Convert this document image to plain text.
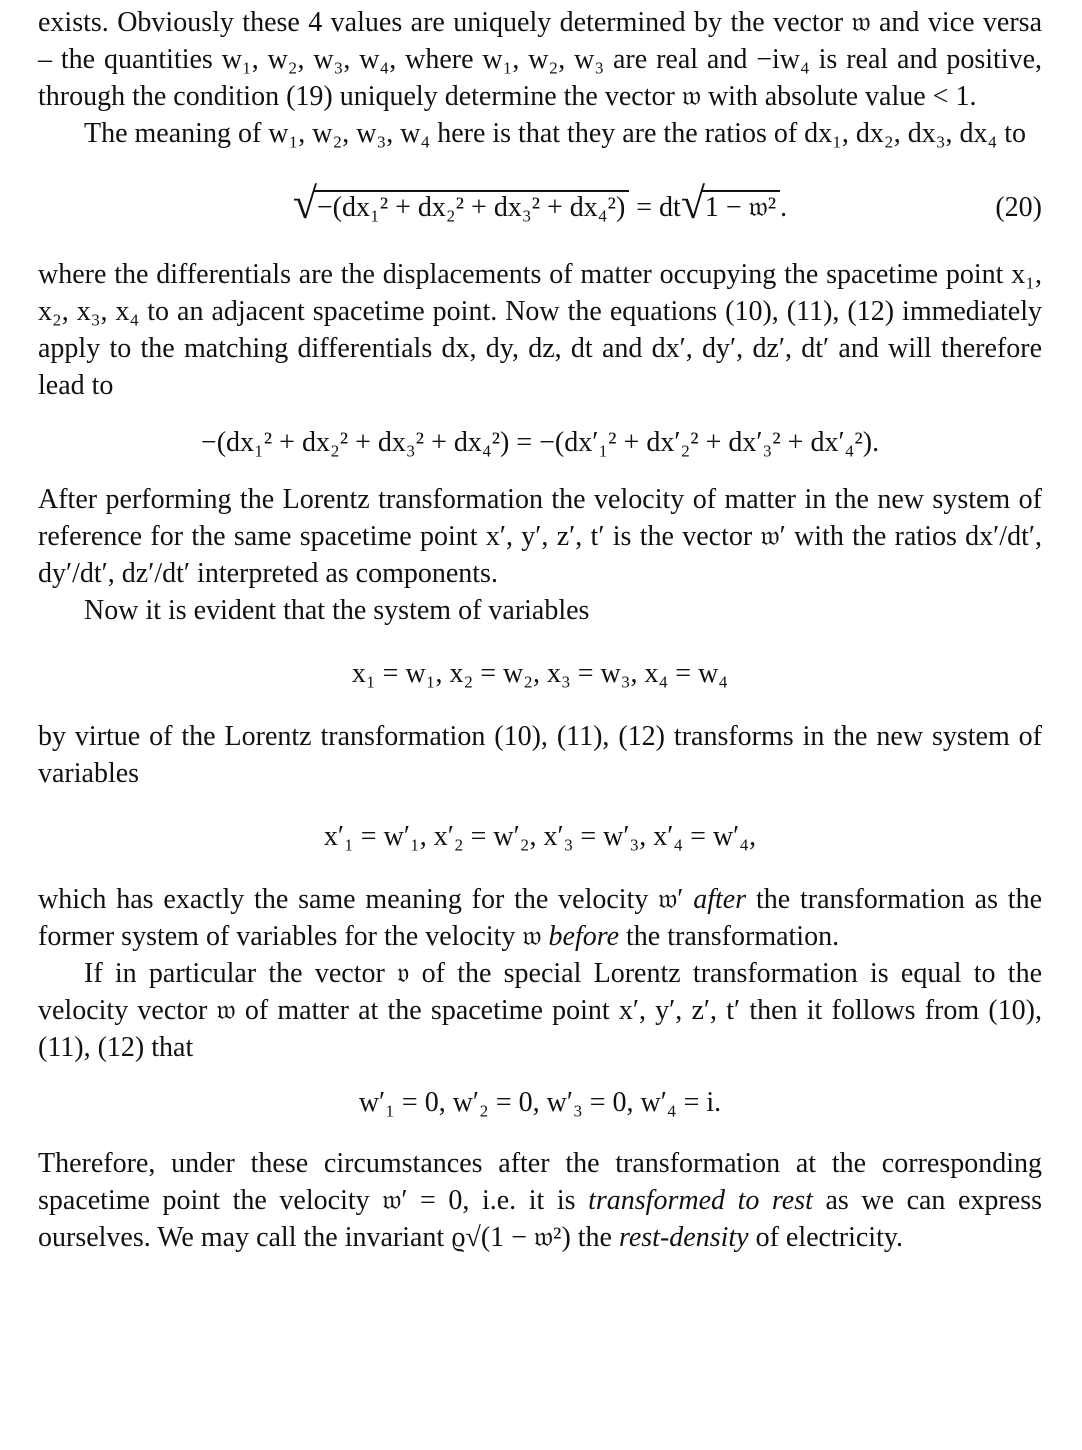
exists. Obviously these 4 values are uniquely determined by the vector 𝔴 and vice versa – the quantities w₁, w₂, w₃, w₄, where w₁, w₂, w₃ are real and −iw₄ is real and positive, through the condition (19) uniquely determine the vector 𝔴 with absolute value < 1.

The meaning of w₁, w₂, w₃, w₄ here is that they are the ratios of dx₁, dx₂, dx₃, dx₄ to

√ −(dx₁² + dx₂² + dx₃² + dx₄²) = dt √ 1 − 𝔴² .	(20)

where the differentials are the displacements of matter occupying the spacetime point x₁, x₂, x₃, x₄ to an adjacent spacetime point. Now the equations (10), (11), (12) immediately apply to the matching differentials dx, dy, dz, dt and dx′, dy′, dz′, dt′ and will therefore lead to

−(dx₁² + dx₂² + dx₃² + dx₄²) = −(dx′₁² + dx′₂² + dx′₃² + dx′₄²).

After performing the Lorentz transformation the velocity of matter in the new system of reference for the same spacetime point x′, y′, z′, t′ is the vector 𝔴′ with the ratios dx′/dt′, dy′/dt′, dz′/dt′ interpreted as components.

Now it is evident that the system of variables

x₁ = w₁, x₂ = w₂, x₃ = w₃, x₄ = w₄

by virtue of the Lorentz transformation (10), (11), (12) transforms in the new system of variables

x′₁ = w′₁, x′₂ = w′₂, x′₃ = w′₃, x′₄ = w′₄,

which has exactly the same meaning for the velocity 𝔴′ after the transformation as the former system of variables for the velocity 𝔴 before the transformation.

If in particular the vector 𝔳 of the special Lorentz transformation is equal to the velocity vector 𝔴 of matter at the spacetime point x′, y′, z′, t′ then it follows from (10), (11), (12) that

w′₁ = 0, w′₂ = 0, w′₃ = 0, w′₄ = i.

Therefore, under these circumstances after the transformation at the corresponding spacetime point the velocity 𝔴′ = 0, i.e. it is transformed to rest as we can express ourselves. We may call the invariant ϱ√(1 − 𝔴²) the rest-density of electricity.
